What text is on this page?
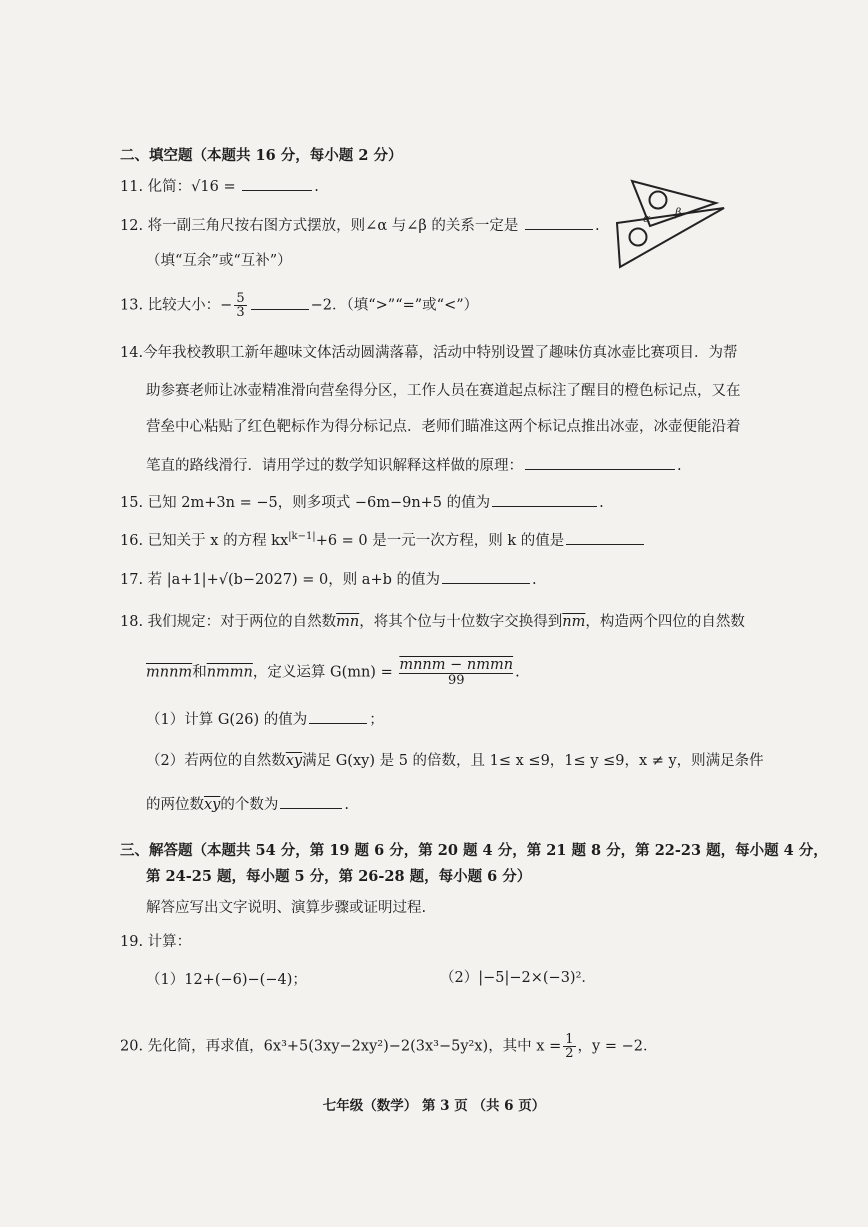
二、填空题（本题共 16 分，每小题 2 分）
11. 化简：√16 =	.
12. 将一副三角尺按右图方式摆放，则∠α 与∠β 的关系一定是	.
（填“互余”或“互补”）
α β
13. 比较大小：− $\frac{5}{3}$	−2．（填“>”“=”或“<”）
14.今年我校教职工新年趣味文体活动圆满落幕，活动中特别设置了趣味仿真冰壶比赛项目．为帮
助参赛老师让冰壶精准滑向营垒得分区，工作人员在赛道起点标注了醒目的橙色标记点，又在
营垒中心粘贴了红色靶标作为得分标记点．老师们瞄准这两个标记点推出冰壶，冰壶便能沿着
笔直的路线滑行．请用学过的数学知识解释这样做的原理：	.
15. 已知 2m+3n = −5，则多项式 −6m−9n+5 的值为	.
16. 已知关于 x 的方程 $kx^{|k-1|}+6 = 0$ 是一元一次方程，则 k 的值是
17. 若 |a+1|+√(b−2027) = 0，则 a+b 的值为	.
18. 我们规定：对于两位的自然数$\overline{mn}$，将其个位与十位数字交换得到$\overline{nm}$，构造两个四位的自然数
mnnm和nmmn，定义运算 $G(mn) = \frac{\text{mnnm − nmmn}}{99}$ .
（1）计算 G(26) 的值为	；
（2）若两位的自然数$\overline{xy}$满足 G(xy) 是 5 的倍数，且 1≤ x ≤9，1≤ y ≤9，x ≠ y，则满足条件
的两位数$\overline{xy}$的个数为	.
三、解答题（本题共 54 分，第 19 题 6 分，第 20 题 4 分，第 21 题 8 分，第 22-23 题，每小题 4 分，
第 24-25 题，每小题 5 分，第 26-28 题，每小题 6 分）
解答应写出文字说明、演算步骤或证明过程.
19. 计算：
（1）12+(−6)−(−4)；	（2）|−5|−2×(−3)²．
20. 先化简，再求值，6x³+5(3xy−2xy²)−2(3x³−5y²x)，其中 $x = \frac{1}{2}$ ，y = −2．
七年级（数学） 第 3 页 （共 6 页）
